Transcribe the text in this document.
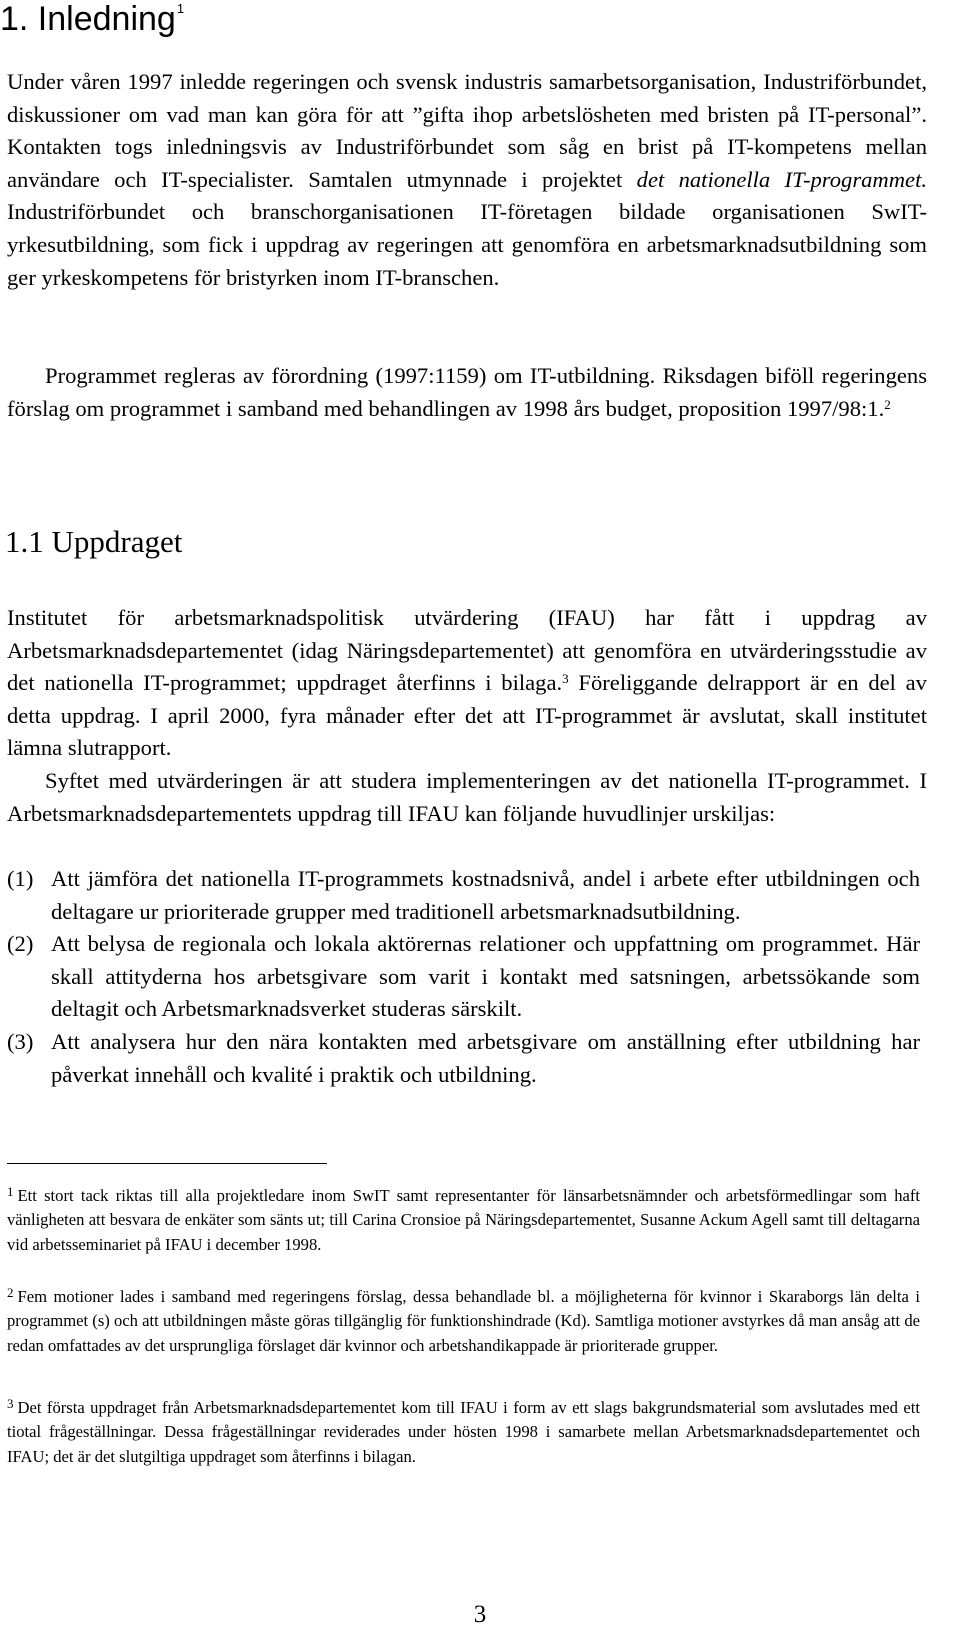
1. Inledning$^1$
Under våren 1997 inledde regeringen och svensk industris samarbetsorganisation, Industriförbundet, diskussioner om vad man kan göra för att ”gifta ihop arbetslösheten med bristen på IT-personal”. Kontakten togs inledningsvis av Industriförbundet som såg en brist på IT-kompetens mellan användare och IT-specialister. Samtalen utmynnade i projektet det nationella IT-programmet. Industriförbundet och branschorganisationen IT-företagen bildade organisationen SwIT-yrkesutbildning, som fick i uppdrag av regeringen att genomföra en arbetsmarknadsutbildning som ger yrkeskompetens för bristyrken inom IT-branschen.
Programmet regleras av förordning (1997:1159) om IT-utbildning. Riksdagen biföll regeringens förslag om programmet i samband med behandlingen av 1998 års budget, proposition 1997/98:1.$^2$
1.1 Uppdraget
Institutet för arbetsmarknadspolitisk utvärdering (IFAU) har fått i uppdrag av Arbetsmarknadsdepartementet (idag Näringsdepartementet) att genomföra en utvärderingsstudie av det nationella IT-programmet; uppdraget återfinns i bilaga.$^3$ Föreliggande delrapport är en del av detta uppdrag. I april 2000, fyra månader efter det att IT-programmet är avslutat, skall institutet lämna slutrapport.
Syftet med utvärderingen är att studera implementeringen av det nationella IT-programmet. I Arbetsmarknadsdepartementets uppdrag till IFAU kan följande huvudlinjer urskiljas:
(1) Att jämföra det nationella IT-programmets kostnadsnivå, andel i arbete efter utbildningen och deltagare ur prioriterade grupper med traditionell arbetsmarknadsutbildning.
(2) Att belysa de regionala och lokala aktörernas relationer och uppfattning om programmet. Här skall attityderna hos arbetsgivare som varit i kontakt med satsningen, arbetssökande som deltagit och Arbetsmarknadsverket studeras särskilt.
(3) Att analysera hur den nära kontakten med arbetsgivare om anställning efter utbildning har påverkat innehåll och kvalité i praktik och utbildning.
$^1$ Ett stort tack riktas till alla projektledare inom SwIT samt representanter för länsarbetsnämnder och arbetsförmedlingar som haft vänligheten att besvara de enkäter som sänts ut; till Carina Cronsioe på Näringsdepartementet, Susanne Ackum Agell samt till deltagarna vid arbetsseminariet på IFAU i december 1998.
$^2$ Fem motioner lades i samband med regeringens förslag, dessa behandlade bl. a möjligheterna för kvinnor i Skaraborgs län delta i programmet (s) och att utbildningen måste göras tillgänglig för funktionshindrade (Kd). Samtliga motioner avstyrkes då man ansåg att de redan omfattades av det ursprungliga förslaget där kvinnor och arbetshandikappade är prioriterade grupper.
$^3$ Det första uppdraget från Arbetsmarknadsdepartementet kom till IFAU i form av ett slags bakgrundsmaterial som avslutades med ett tiotal frågeställningar. Dessa frågeställningar reviderades under hösten 1998 i samarbete mellan Arbetsmarknadsdepartementet och IFAU; det är det slutgiltiga uppdraget som återfinns i bilagan.
3
